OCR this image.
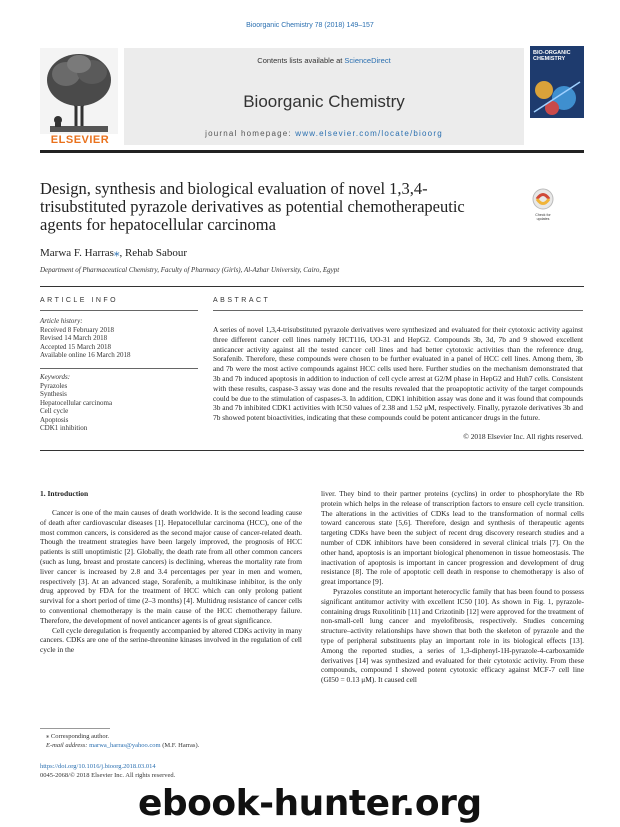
Bioorganic Chemistry 78 (2018) 149–157
ELSEVIER
Contents lists available at ScienceDirect
Bioorganic Chemistry
journal homepage: www.elsevier.com/locate/bioorg
BIO-ORGANIC CHEMISTRY
Design, synthesis and biological evaluation of novel 1,3,4-trisubstituted pyrazole derivatives as potential chemotherapeutic agents for hepatocellular carcinoma	Check for
updates
Marwa F. Harras⁎, Rehab Sabour
Department of Pharmaceutical Chemistry, Faculty of Pharmacy (Girls), Al-Azhar University, Cairo, Egypt
ARTICLE INFO
Article history:
Received 8 February 2018
Revised 14 March 2018
Accepted 15 March 2018
Available online 16 March 2018
Keywords:
Pyrazoles
Synthesis
Hepatocellular carcinoma
Cell cycle
Apoptosis
CDK1 inhibition
ABSTRACT
A series of novel 1,3,4-trisubstituted pyrazole derivatives were synthesized and evaluated for their cytotoxic activity against three different cancer cell lines namely HCT116, UO-31 and HepG2. Compounds 3b, 3d, 7b and 9 showed excellent anticancer activity against all the tested cancer cell lines and had better cytotoxic activities than the reference drug, Sorafenib. Therefore, these compounds were chosen to be further evaluated in a panel of HCC cell lines. Among them, 3b and 7b were the most active compounds against HCC cells used here. Further studies on the mechanism demonstrated that 3b and 7b induced apoptosis in addition to induction of cell cycle arrest at G2/M phase in HepG2 and Huh7 cells. Consistent with these results, caspase-3 assay was done and the results revealed that the proapoptotic activity of the target compounds could be due to the stimulation of caspases-3. In addition, CDK1 inhibition assay was done and it was found that compounds 3b and 7b inhibited CDK1 activities with IC50 values of 2.38 and 1.52 μM, respectively. Finally, pyrazole derivatives 3b and 7b showed potent bioactivities, indicating that these compounds could be potent anticancer drugs in the future.
© 2018 Elsevier Inc. All rights reserved.
1. Introduction

Cancer is one of the main causes of death worldwide. It is the second leading cause of death after cardiovascular diseases [1]. Hepatocellular carcinoma (HCC), one of the most common cancers, is considered as the second major cause of cancer-related death. Though the treatment strategies have been largely improved, the prognosis of HCC patients is still unoptimistic [2]. Globally, the death rate from all other common cancers (such as lung, breast and prostate cancers) is declining, whereas the mortality rate from liver cancer is increased by 2.8 and 3.4 percentages per year in men and women, respectively [3]. At an advanced stage, Sorafenib, a multikinase inhibitor, is the only drug approved by FDA for the treatment of HCC which can only prolong patient survival for a short period of time (2–3 months) [4]. Multidrug resistance of cancer cells to conventional chemotherapy is the main cause of the HCC chemotherapy failure. Therefore, the development of novel anticancer agents is of great significance.

Cell cycle deregulation is frequently accompanied by altered CDKs activity in many cancers. CDKs are one of the serine-threonine kinases involved in the regulation of cell cycle in the

liver. They bind to their partner proteins (cyclins) in order to phosphorylate the Rb protein which helps in the release of transcription factors to ensure cell cycle transition. The alterations in the activities of CDKs lead to the transformation of normal cells toward cancerous state [5,6]. Therefore, design and synthesis of therapeutic agents targeting CDKs have been the subject of recent drug discovery research studies and a number of CDK inhibitors have been considered in several clinical trials [7]. On the other hand, apoptosis is an important biological phenomenon in tissue homeostasis. The inactivation of apoptosis is important in cancer progression and development of drug resistance [8]. The role of apoptotic cell death in response to chemotherapy is also of great importance [9].

Pyrazoles constitute an important heterocyclic family that has been found to possess significant antitumor activity with excellent IC50 [10]. As shown in Fig. 1, pyrazole-containing drugs Ruxolitinib [11] and Crizotinib [12] were approved for the treatment of non-small-cell lung cancer and myelofibrosis, respectively. Studies concerning structure–activity relationships have shown that both the skeleton of pyrazole and the type of peripheral substituents play an important role in its biological effects [13]. Among the reported studies, a series of 1,3-diphenyl-1H-pyrazole-4-carboxamide derivatives [14] was synthesized and evaluated for their cytotoxic activity. From these compounds, compound I showed potent cytotoxic efficacy against MCF-7 cell line (GI50 = 0.13 μM). It caused cell

⁎ Corresponding author.
E-mail address: marwa_harras@yahoo.com (M.F. Harras).
https://doi.org/10.1016/j.bioorg.2018.03.014
0045-2068/© 2018 Elsevier Inc. All rights reserved.
ebook-hunter.org
